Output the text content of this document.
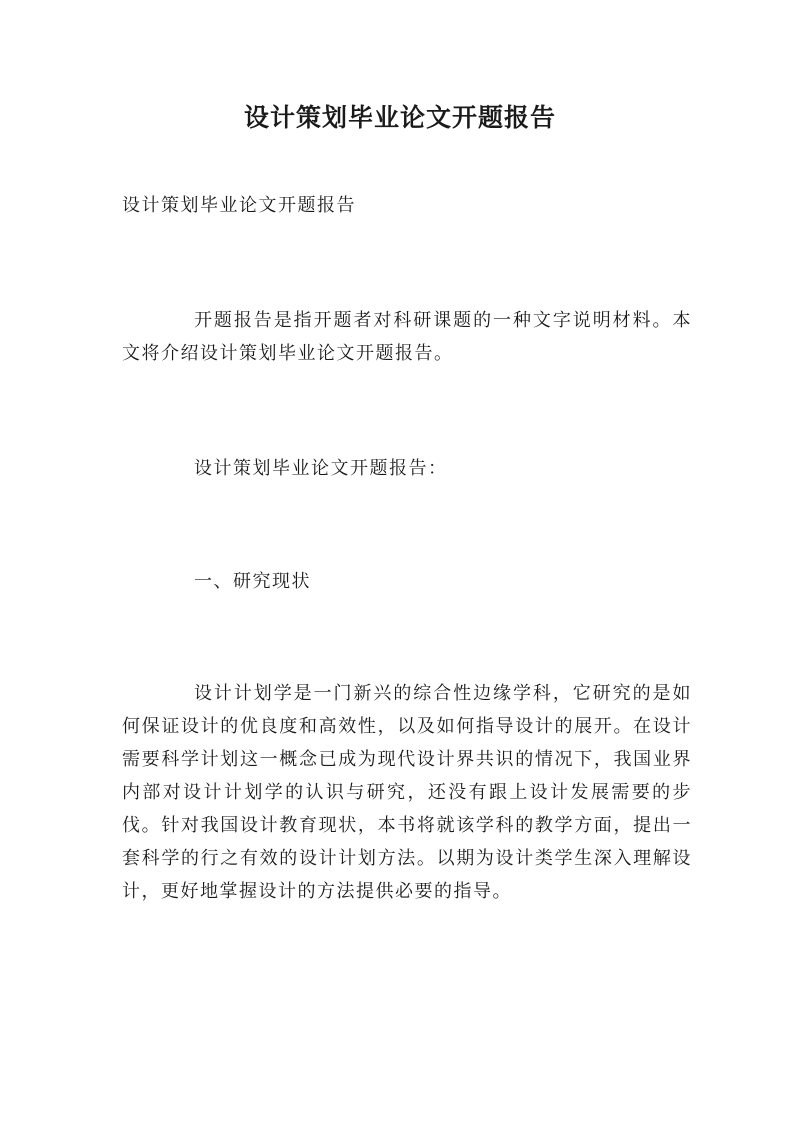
设计策划毕业论文开题报告

设计策划毕业论文开题报告

开题报告是指开题者对科研课题的一种文字说明材料。本文将介绍设计策划毕业论文开题报告。

设计策划毕业论文开题报告：

一、研究现状

设计计划学是一门新兴的综合性边缘学科，它研究的是如何保证设计的优良度和高效性，以及如何指导设计的展开。在设计需要科学计划这一概念已成为现代设计界共识的情况下，我国业界内部对设计计划学的认识与研究，还没有跟上设计发展需要的步伐。针对我国设计教育现状，本书将就该学科的教学方面，提出一套科学的行之有效的设计计划方法。以期为设计类学生深入理解设计，更好地掌握设计的方法提供必要的指导。
